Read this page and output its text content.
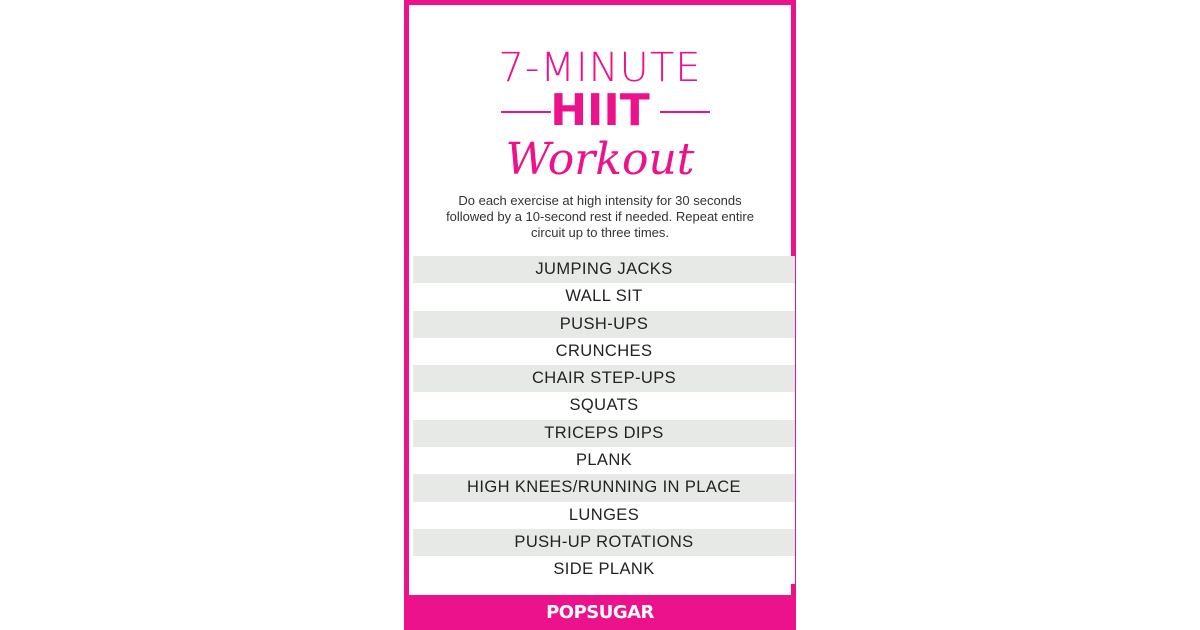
7-MINUTE
HIIT
Workout
Do each exercise at high intensity for 30 seconds followed by a 10-second rest if needed. Repeat entire circuit up to three times.
JUMPING JACKS
WALL SIT
PUSH-UPS
CRUNCHES
CHAIR STEP-UPS
SQUATS
TRICEPS DIPS
PLANK
HIGH KNEES/RUNNING IN PLACE
LUNGES
PUSH-UP ROTATIONS
SIDE PLANK
POPSUGAR
